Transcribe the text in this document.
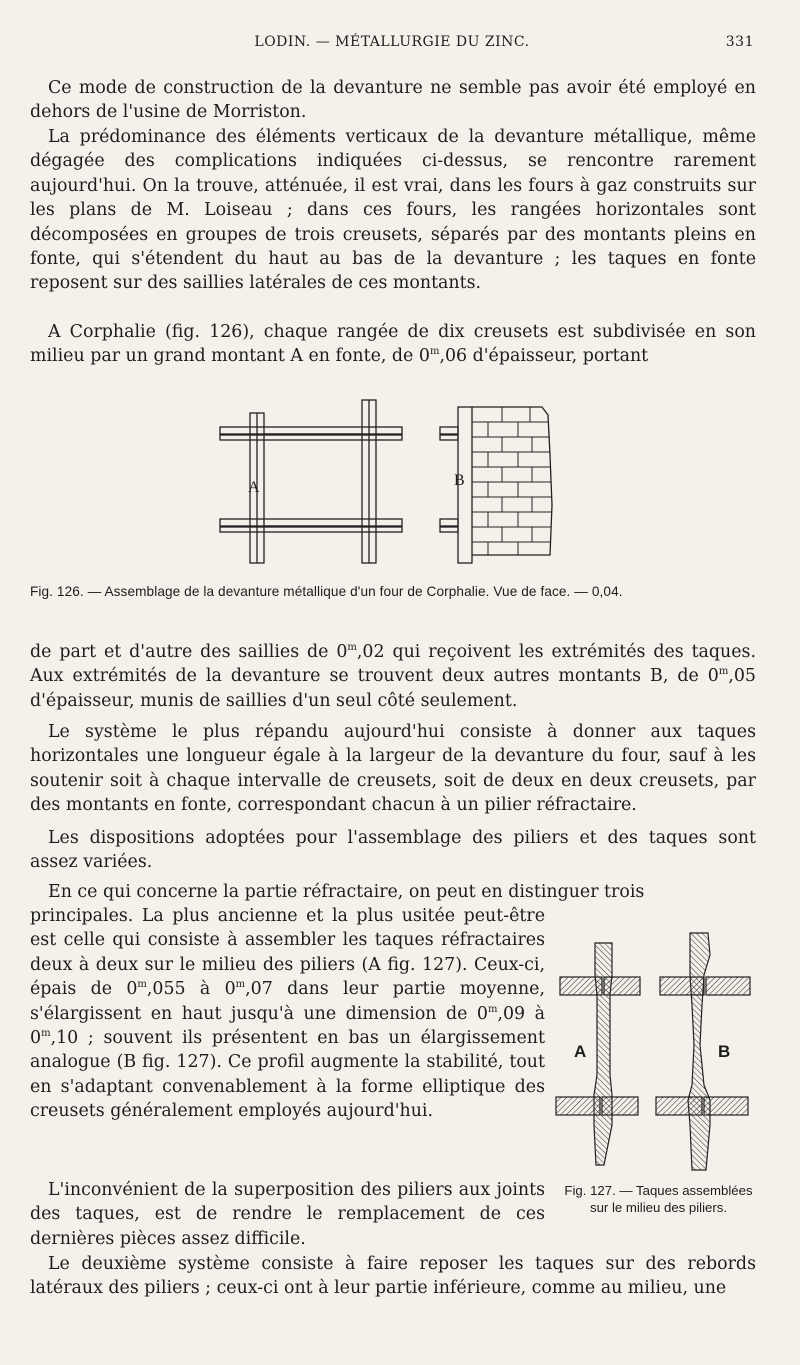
LODIN. — MÉTALLURGIE DU ZINC.	331

Ce mode de construction de la devanture ne semble pas avoir été employé en dehors de l'usine de Morriston.

La prédominance des éléments verticaux de la devanture métallique, même dégagée des complications indiquées ci-dessus, se rencontre rarement aujourd'hui. On la trouve, atténuée, il est vrai, dans les fours à gaz construits sur les plans de M. Loiseau ; dans ces fours, les rangées horizontales sont décomposées en groupes de trois creusets, séparés par des montants pleins en fonte, qui s'étendent du haut au bas de la devanture ; les taques en fonte reposent sur des saillies latérales de ces montants.

A Corphalie (fig. 126), chaque rangée de dix creusets est subdivisée en son milieu par un grand montant A en fonte, de 0$^m$,06 d'épaisseur, portant

A	B
Fig. 126. — Assemblage de la devanture métallique d'un four de Corphalie. Vue de face. — 0,04.

de part et d'autre des saillies de 0$^m$,02 qui reçoivent les extrémités des taques. Aux extrémités de la devanture se trouvent deux autres montants B, de 0$^m$,05 d'épaisseur, munis de saillies d'un seul côté seulement.

Le système le plus répandu aujourd'hui consiste à donner aux taques horizontales une longueur égale à la largeur de la devanture du four, sauf à les soutenir soit à chaque intervalle de creusets, soit de deux en deux creusets, par des montants en fonte, correspondant chacun à un pilier réfractaire.

Les dispositions adoptées pour l'assemblage des piliers et des taques sont assez variées.

En ce qui concerne la partie réfractaire, on peut en distinguer trois

principales. La plus ancienne et la plus usitée peut-être est celle qui consiste à assembler les taques réfractaires deux à deux sur le milieu des piliers (A fig. 127). Ceux-ci, épais de 0$^m$,055 à 0$^m$,07 dans leur partie moyenne, s'élargissent en haut jusqu'à une dimension de 0$^m$,09 à 0$^m$,10 ; souvent ils présentent en bas un élargissement analogue (B fig. 127). Ce profil augmente la stabilité, tout en s'adaptant convenablement à la forme elliptique des creusets généralement employés aujourd'hui.

L'inconvénient de la superposition des piliers aux joints des taques, est de rendre le remplacement de ces dernières pièces assez difficile.

A	B
Fig. 127. — Taques assemblées sur le milieu des piliers.

Le deuxième système consiste à faire reposer les taques sur des rebords latéraux des piliers ; ceux-ci ont à leur partie inférieure, comme au milieu, une
